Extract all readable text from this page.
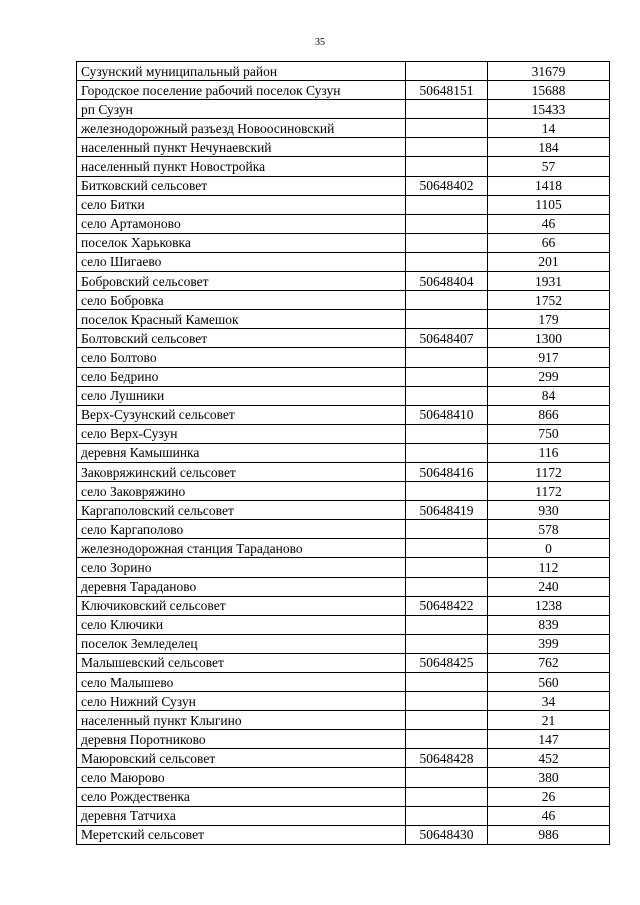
35
Сузунский муниципальный район		31679
Городское поселение рабочий поселок Сузун	50648151	15688
рп Сузун		15433
железнодорожный разъезд Новоосиновский		14
населенный пункт Нечунаевский		184
населенный пункт Новостройка		57
Битковский сельсовет	50648402	1418
село Битки		1105
село Артамоново		46
поселок Харьковка		66
село Шигаево		201
Бобровский сельсовет	50648404	1931
село Бобровка		1752
поселок Красный Камешок		179
Болтовский сельсовет	50648407	1300
село Болтово		917
село Бедрино		299
село Лушники		84
Верх-Сузунский сельсовет	50648410	866
село Верх-Сузун		750
деревня Камышинка		116
Заковряжинский сельсовет	50648416	1172
село Заковряжино		1172
Каргаполовский сельсовет	50648419	930
село Каргаполово		578
железнодорожная станция Тараданово		0
село Зорино		112
деревня Тараданово		240
Ключиковский сельсовет	50648422	1238
село Ключики		839
поселок Земледелец		399
Малышевский сельсовет	50648425	762
село Малышево		560
село Нижний Сузун		34
населенный пункт Клыгино		21
деревня Поротниково		147
Маюровский сельсовет	50648428	452
село Маюрово		380
село Рождественка		26
деревня Татчиха		46
Меретский сельсовет	50648430	986
